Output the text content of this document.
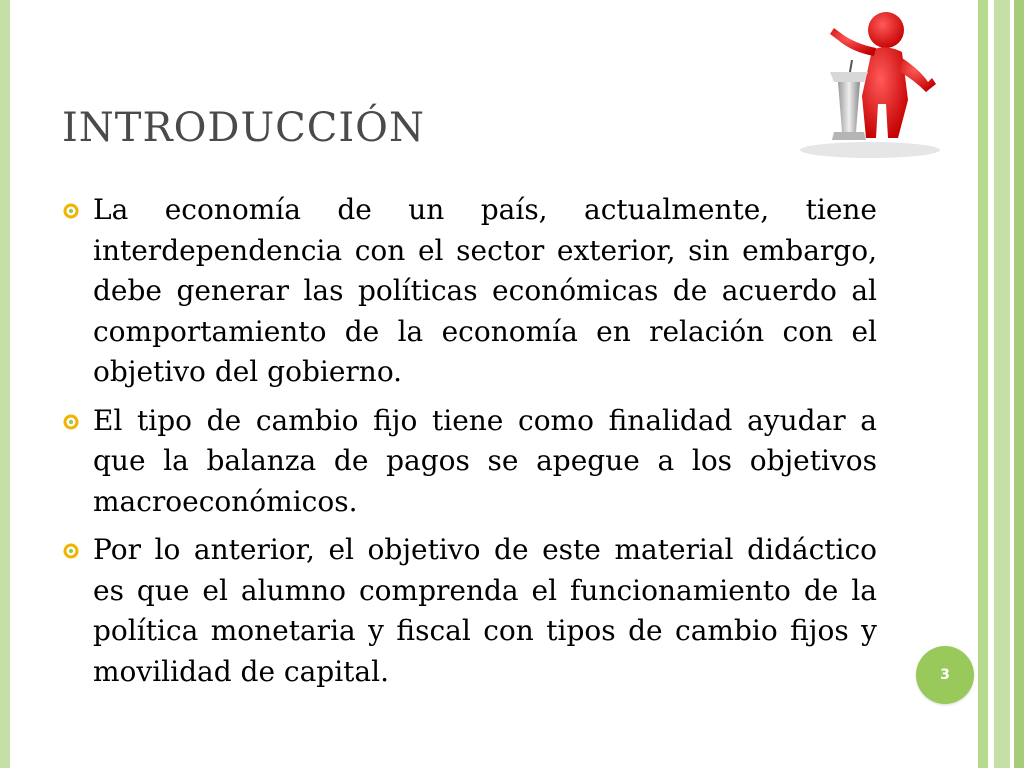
INTRODUCCIÓN
La economía de un país, actualmente, tiene interdependencia con el sector exterior, sin embargo, debe generar las políticas económicas de acuerdo al comportamiento de la economía en relación con el objetivo del gobierno.
El tipo de cambio fijo tiene como finalidad ayudar a que la balanza de pagos se apegue a los objetivos macroeconómicos.
Por lo anterior, el objetivo de este material didáctico es que el alumno comprenda el funcionamiento de la política monetaria y fiscal con tipos de cambio fijos y movilidad de capital.	3
